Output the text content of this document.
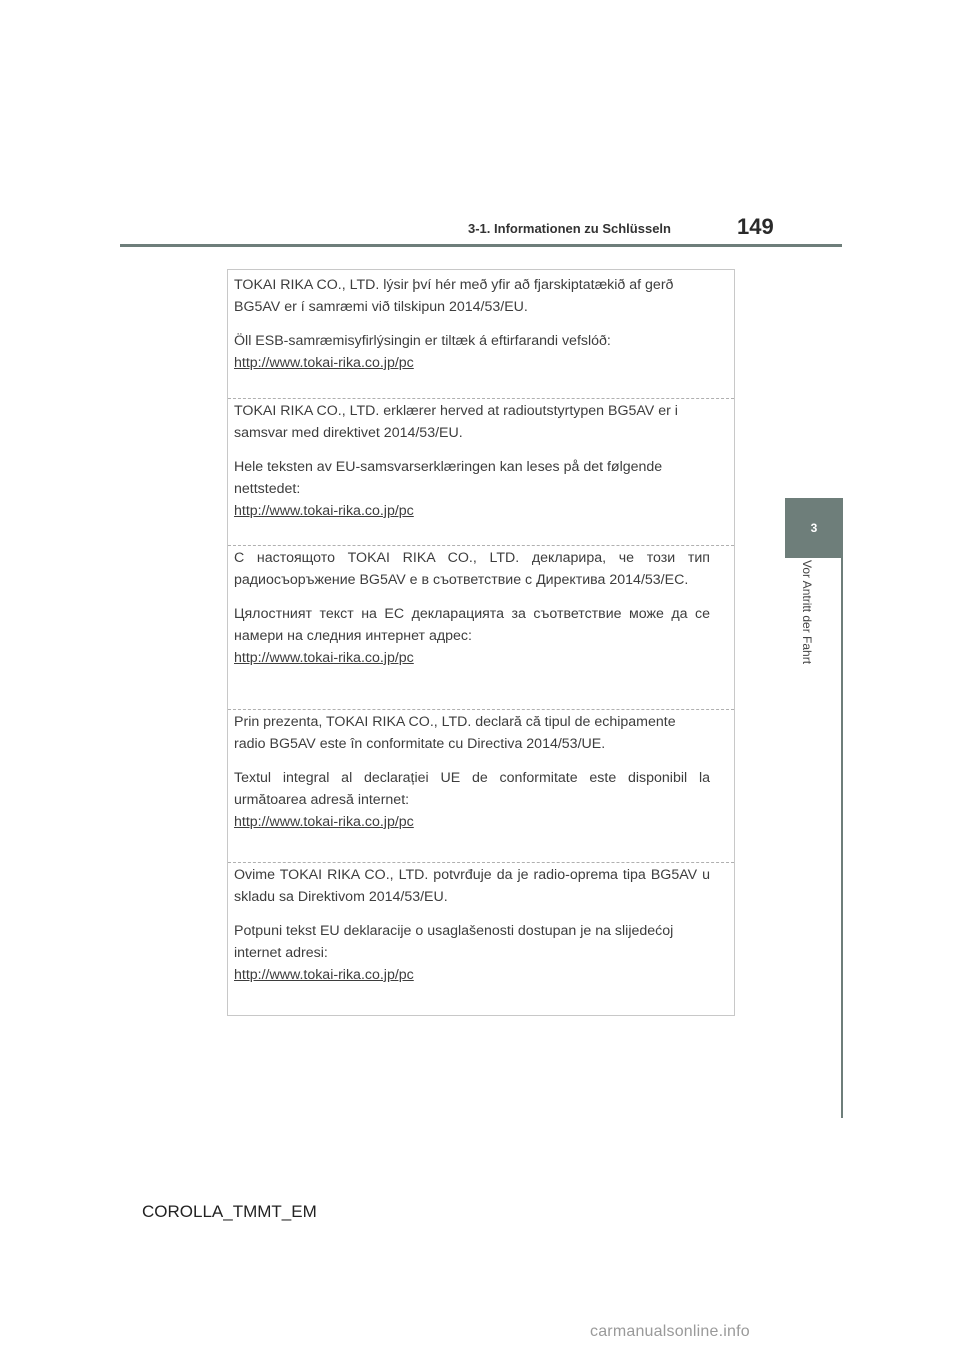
3-1. Informationen zu Schlüsseln	149
3
Vor Antritt der Fahrt

TOKAI RIKA CO., LTD. lýsir því hér með yfir að fjarskiptatækið af gerð BG5AV er í samræmi við tilskipun 2014/53/EU.

Öll ESB-samræmisyfirlýsingin er tiltæk á eftirfarandi vefslóð:
http://www.tokai-rika.co.jp/pc

TOKAI RIKA CO., LTD. erklærer herved at radioutstyrtypen BG5AV er i samsvar med direktivet 2014/53/EU.

Hele teksten av EU-samsvarserklæringen kan leses på det følgende nettstedet:
http://www.tokai-rika.co.jp/pc

С настоящото TOKAI RIKA CO., LTD. декларира, че този тип радиосъоръжение BG5AV е в съответствие с Директива 2014/53/ЕС.

Цялостният текст на ЕС декларацията за съответствие може да се намери на следния интернет адрес:
http://www.tokai-rika.co.jp/pc

Prin prezenta, TOKAI RIKA CO., LTD. declară că tipul de echipamente radio BG5AV este în conformitate cu Directiva 2014/53/UE.

Textul integral al declarației UE de conformitate este disponibil la următoarea adresă internet:
http://www.tokai-rika.co.jp/pc

Ovime TOKAI RIKA CO., LTD. potvrđuje da je radio-oprema tipa BG5AV u skladu sa Direktivom 2014/53/EU.

Potpuni tekst EU deklaracije o usaglašenosti dostupan je na slijedećoj internet adresi:
http://www.tokai-rika.co.jp/pc

COROLLA_TMMT_EM
carmanualsonline.info
